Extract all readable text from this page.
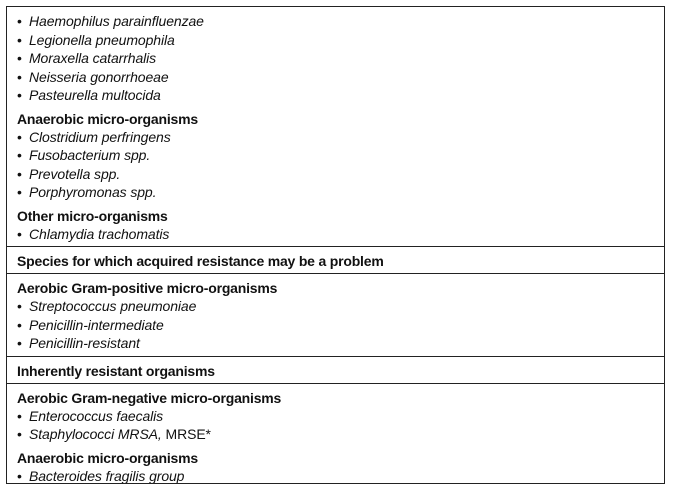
• Haemophilus parainfluenzae
• Legionella pneumophila
• Moraxella catarrhalis
• Neisseria gonorrhoeae
• Pasteurella multocida
Anaerobic micro-organisms
• Clostridium perfringens
• Fusobacterium spp.
• Prevotella spp.
• Porphyromonas spp.
Other micro-organisms
• Chlamydia trachomatis
Species for which acquired resistance may be a problem
Aerobic Gram-positive micro-organisms
• Streptococcus pneumoniae
• Penicillin-intermediate
• Penicillin-resistant
Inherently resistant organisms
Aerobic Gram-negative micro-organisms
• Enterococcus faecalis
• Staphylococci MRSA, MRSE*
Anaerobic micro-organisms
• Bacteroides fragilis group
